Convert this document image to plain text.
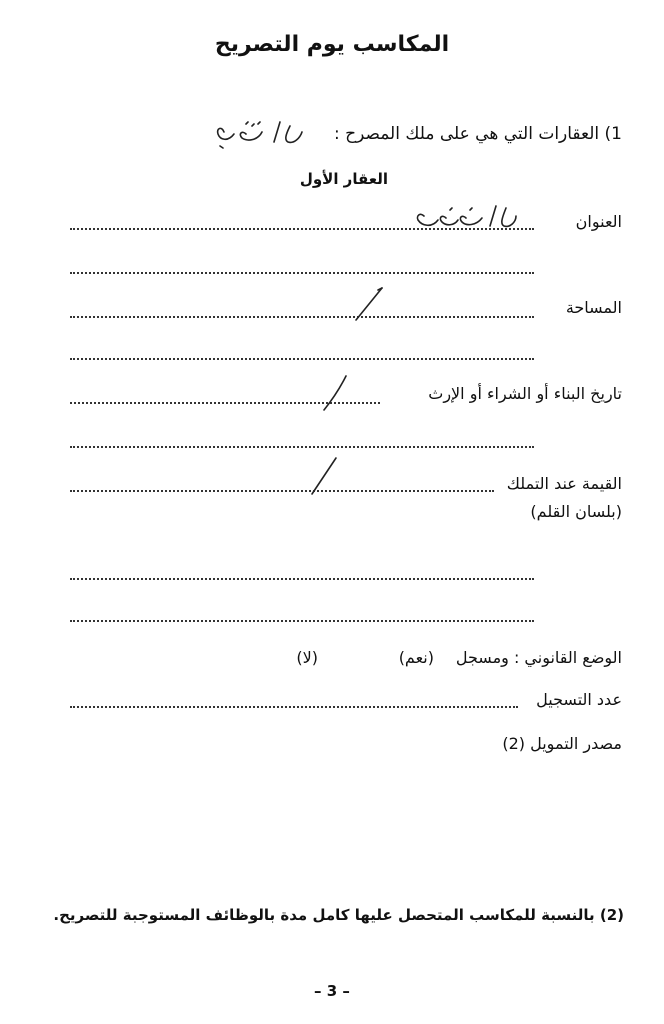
المكاسب يوم التصريح
1) العقارات التي هي على ملك المصرح :
العقار الأول
العنوان
المساحة
تاريخ البناء أو الشراء أو الإرث
القيمة عند التملك
(بلسان القلم)
الوضع القانوني : ومسجل
(نعم)
(لا)
عدد التسجيل
مصدر التمويل (2)
(2) بالنسبة للمكاسب المتحصل عليها كامل مدة بالوظائف المستوجبة للتصريح.
– 3 –
